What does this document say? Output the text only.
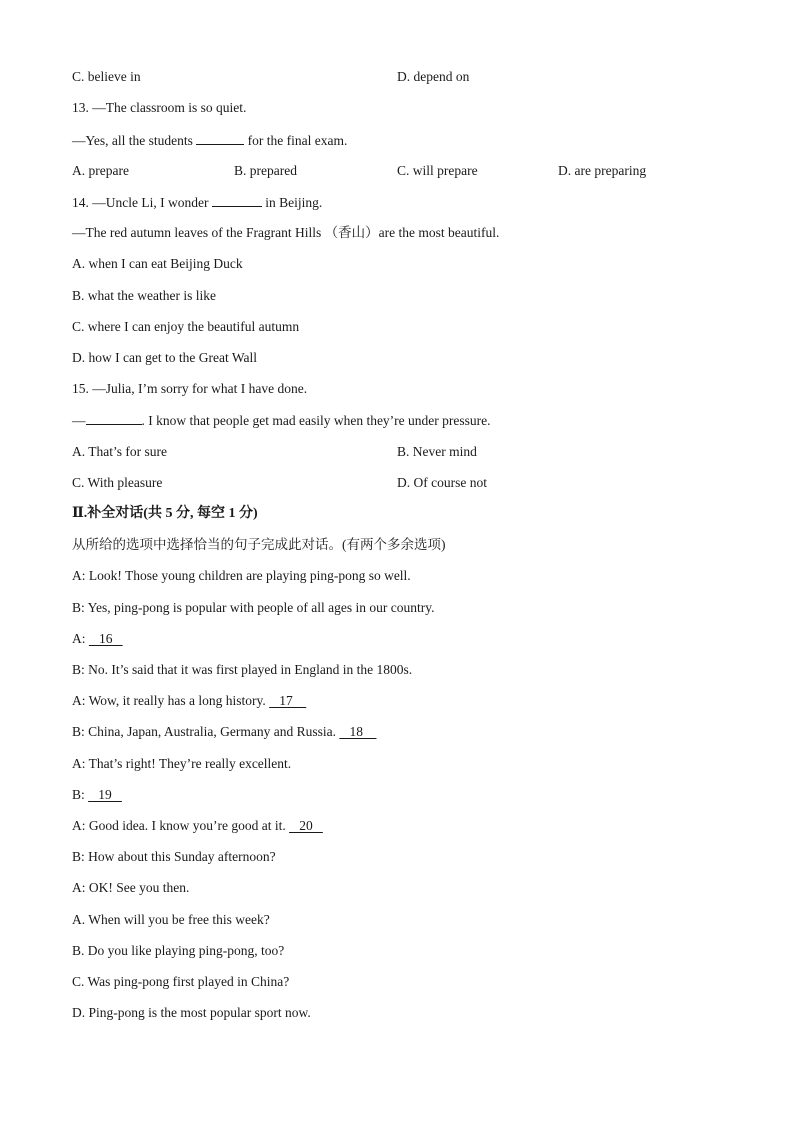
C. believe in	D. depend on
13. —The classroom is so quiet.
—Yes, all the students	for the final exam.
A. prepare	B. prepared	C. will prepare	D. are preparing
14. —Uncle Li, I wonder	in Beijing.
—The red autumn leaves of the Fragrant Hills （香山）are the most beautiful.
A. when I can eat Beijing Duck
B. what the weather is like
C. where I can enjoy the beautiful autumn
D. how I can get to the Great Wall
15. —Julia, I’m sorry for what I have done.
—	. I know that people get mad easily when they’re under pressure.
A. That’s for sure	B. Never mind
C. With pleasure	D. Of course not
Ⅱ.补全对话(共 5 分, 每空 1 分)
从所给的选项中选择恰当的句子完成此对话。(有两个多余选项)
A: Look! Those young children are playing ping-pong so well.
B: Yes, ping-pong is popular with people of all ages in our country.
A:    16
B: No. It’s said that it was first played in England in the 1800s.
A: Wow, it really has a long history.    17
B: China, Japan, Australia, Germany and Russia.    18
A: That’s right! They’re really excellent.
B:    19
A: Good idea. I know you’re good at it.    20
B: How about this Sunday afternoon?
A: OK! See you then.
A. When will you be free this week?
B. Do you like playing ping-pong, too?
C. Was ping-pong first played in China?
D. Ping-pong is the most popular sport now.
